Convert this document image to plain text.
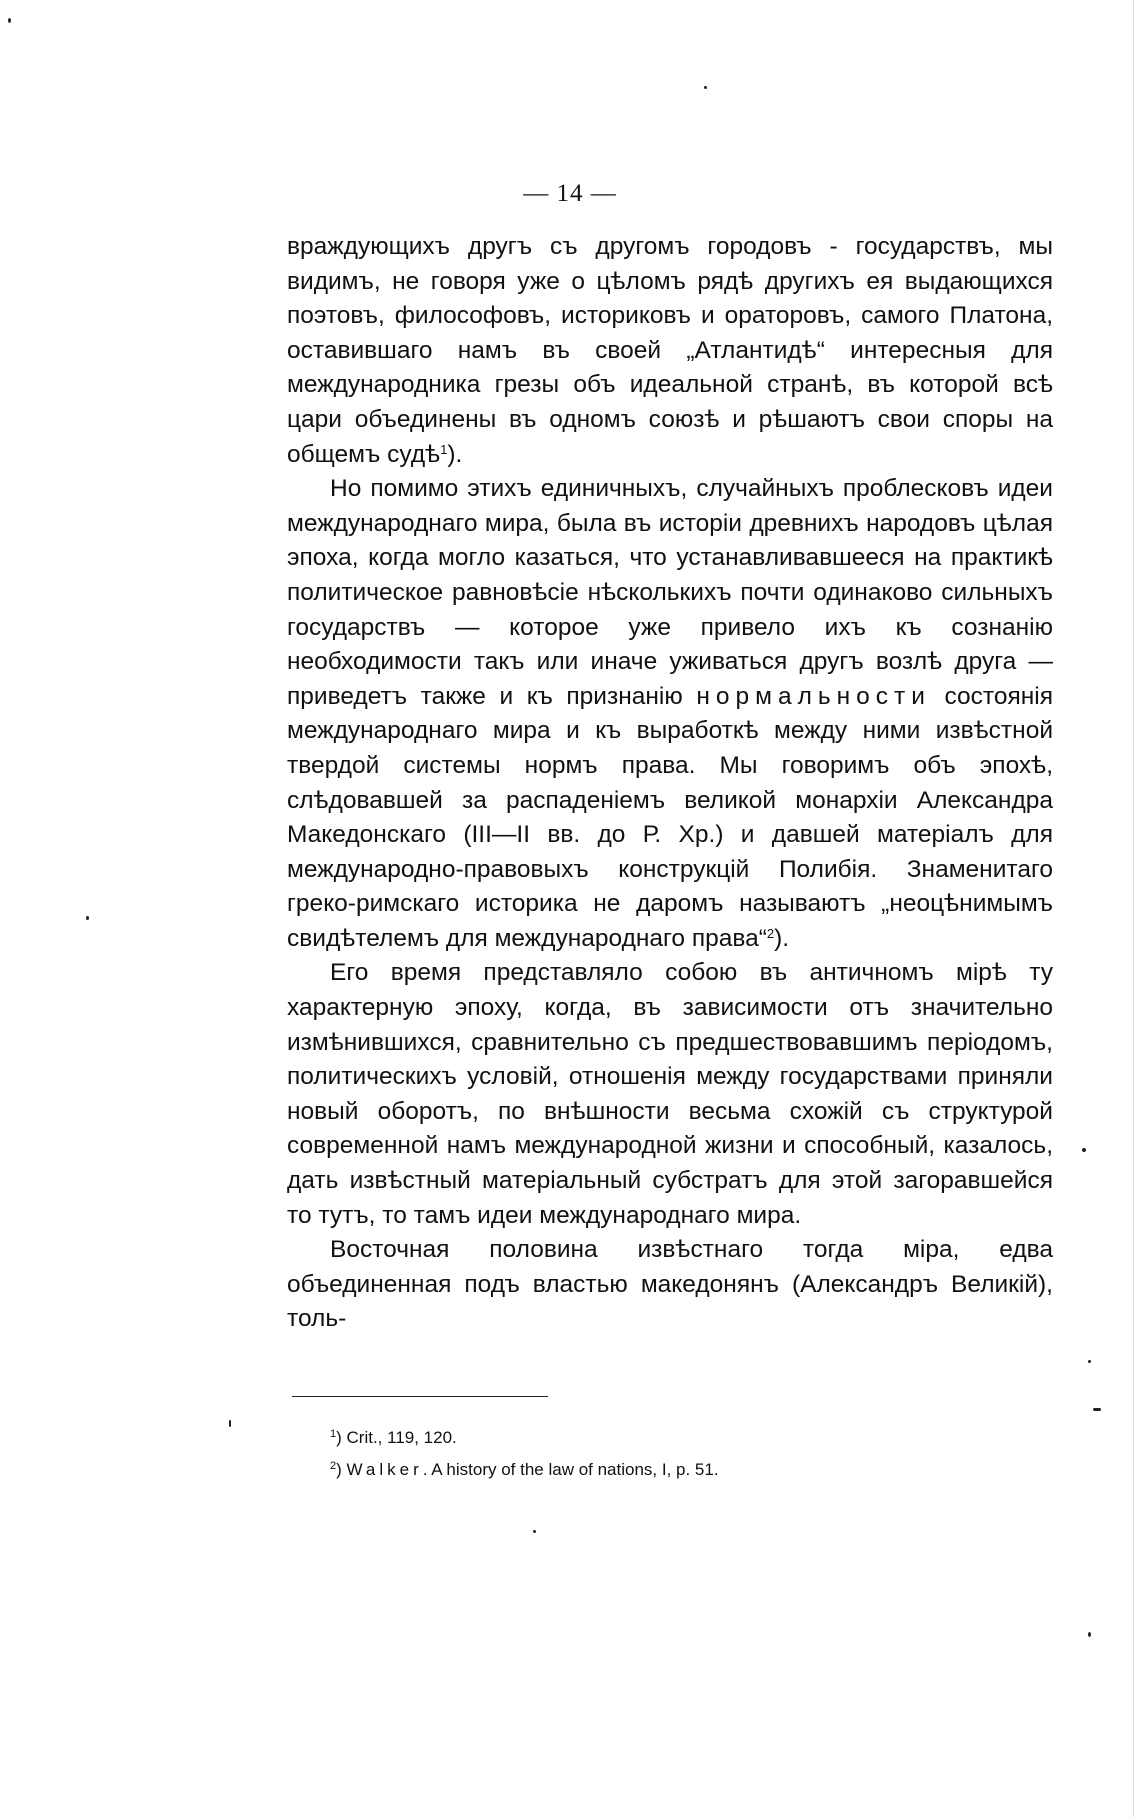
— 14 —

враждующихъ другъ съ другомъ городовъ - государствъ, мы видимъ, не говоря уже о цѣломъ рядѣ другихъ ея выдающихся поэтовъ, философовъ, историковъ и ораторовъ, самого Платона, оставившаго намъ въ своей „Атлантидѣ“ интересныя для международника грезы объ идеальной странѣ, въ которой всѣ цари объединены въ одномъ союзѣ и рѣшаютъ свои споры на общемъ судѣ$^1$).

Но помимо этихъ единичныхъ, случайныхъ проблесковъ идеи международнаго мира, была въ исторіи древнихъ народовъ цѣлая эпоха, когда могло казаться, что устанавливавшееся на практикѣ политическое равновѣсіе нѣсколькихъ почти одинаково сильныхъ государствъ — которое уже привело ихъ къ сознанію необходимости такъ или иначе уживаться другъ возлѣ друга — приведетъ также и къ признанію нормальности состоянія международнаго мира и къ выработкѣ между ними извѣстной твердой системы нормъ права. Мы говоримъ объ эпохѣ, слѣдовавшей за распаденіемъ великой монархіи Александра Македонскаго (III—II вв. до Р. Хр.) и давшей матеріалъ для международно-правовыхъ конструкцій Полибія. Знаменитаго греко-римскаго историка не даромъ называютъ „неоцѣнимымъ свидѣтелемъ для международнаго права“$^2$).

Его время представляло собою въ античномъ мірѣ ту характерную эпоху, когда, въ зависимости отъ значительно измѣнившихся, сравнительно съ предшествовавшимъ періодомъ, политическихъ условій, отношенія между государствами приняли новый оборотъ, по внѣшности весьма схожій съ структурой современной намъ международной жизни и способный, казалось, дать извѣстный матеріальный субстратъ для этой загоравшейся то тутъ, то тамъ идеи международнаго мира.

Восточная половина извѣстнаго тогда міра, едва объединенная подъ властью македонянъ (Александръ Великій), толь-

$^1$) Crit., 119, 120.
$^2$) Walker. A history of the law of nations, I, p. 51.
